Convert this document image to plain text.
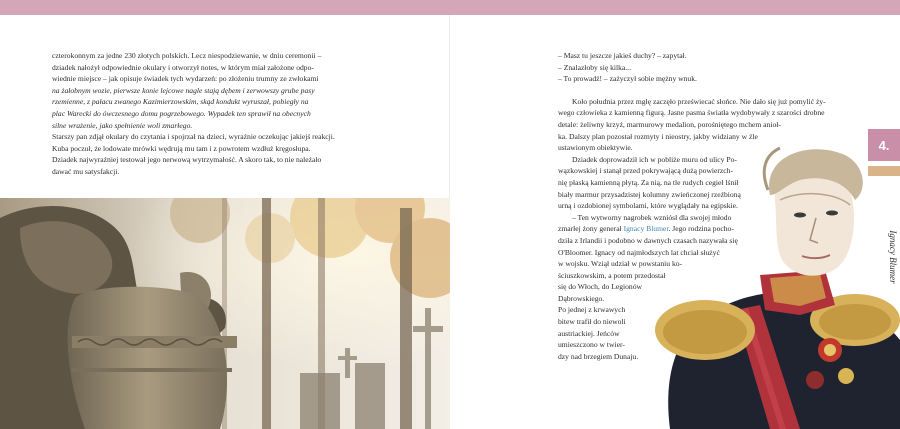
czterokonnym za jedne 230 złotych polskich. Lecz niespodziewanie, w dniu ceremonii –

dziadek nałożył odpowiednie okulary i otworzył notes, w którym miał założone odpo-

wiednie miejsce – jak opisuje świadek tych wydarzeń: po złożeniu trumny ze zwłokami

na żałobnym wozie, pierwsze konie lejcowe nagle stają dębem i zerwowszy grube pasy

rzemienne, z pałacu zwanego Kazimierzowskim, skąd kondukt wyruszał, pobiegły na

plac Warecki do ówczesnego domu pogrzebowego. Wypadek ten sprawił na obecnych

silne wrażenie, jako spełnienie woli zmarłego.

Starszy pan zdjął okulary do czytania i spojrzał na dzieci, wyraźnie oczekując jakiejś reakcji.

Kuba poczuł, że lodowate mrówki wędrują mu tam i z powrotem wzdłuż kręgosłupa.

Dziadek najwyraźniej testował jego nerwową wytrzymałość. A skoro tak, to nie należało

dawać mu satysfakcji.

– Masz tu jeszcze jakieś duchy? – zapytał.

– Znalazłoby się kilka...

– To prowadź! – zażyczył sobie mężny wnuk.

Koło południa przez mgłę zaczęło przeświecać słońce. Nie dało się już pomylić ży-

wego człowieka z kamienną figurą. Jasne pasma światła wydobywały z szarości drobne

detale: żeliwny krzyż, marmurowy medalion, porośniętego mchem anioł-

ka. Dalszy plan pozostał rozmyty i nieostry, jakby widziany w źle

ustawionym obiektywie.

Dziadek doprowadził ich w pobliże muru od ulicy Po-

wązkowskiej i stanął przed pokrywającą dużą powierzch-

nię płaską kamienną płytą. Za nią, na tle rudych cegieł lśnił

biały marmur przysadzistej kolumny zwieńczonej rzeźbioną

urną i ozdobionej symbolami, które wyglądały na egipskie.

– Ten wytworny nagrobek wzniósł dla swojej młodo

zmarłej żony generał Ignacy Blumer. Jego rodzina pocho-

dziła z Irlandii i podobno w dawnych czasach nazywała się

O'Bloomer. Ignacy od najmłodszych lat chciał służyć

w wojsku. Wziął udział w powstaniu ko-

ściuszkowskim, a potem przedostał

się do Włoch, do Legionów

Dąbrowskiego.

Po jednej z krwawych

bitew trafił do niewoli

austriackiej. Jeńców

umieszczono w twier-

dzy nad brzegiem Dunaju.

4.
Ignacy Blumer
